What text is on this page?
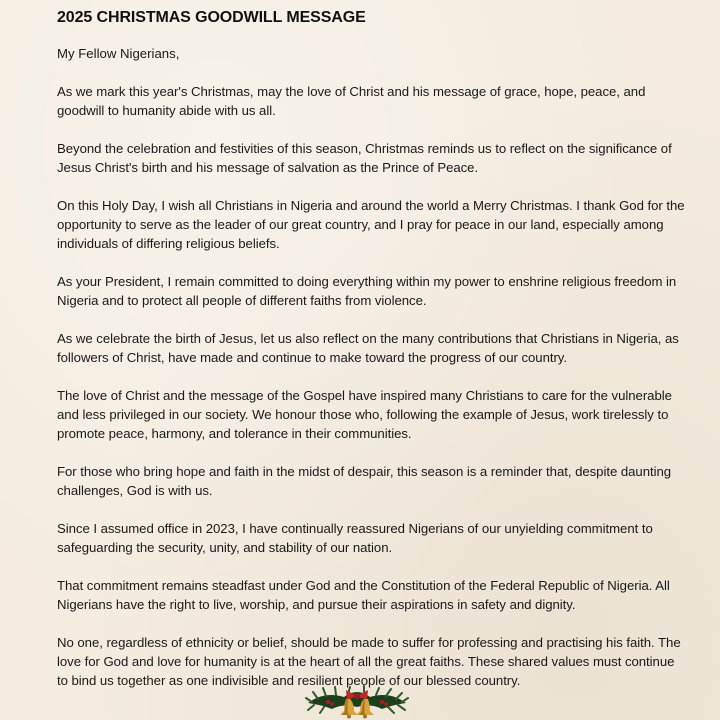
2025 CHRISTMAS GOODWILL MESSAGE

My Fellow Nigerians,

As we mark this year's Christmas, may the love of Christ and his message of grace, hope, peace, and goodwill to humanity abide with us all.

Beyond the celebration and festivities of this season, Christmas reminds us to reflect on the significance of Jesus Christ's birth and his message of salvation as the Prince of Peace.

On this Holy Day, I wish all Christians in Nigeria and around the world a Merry Christmas. I thank God for the opportunity to serve as the leader of our great country, and I pray for peace in our land, especially among individuals of differing religious beliefs.

As your President, I remain committed to doing everything within my power to enshrine religious freedom in Nigeria and to protect all people of different faiths from violence.

As we celebrate the birth of Jesus, let us also reflect on the many contributions that Christians in Nigeria, as followers of Christ, have made and continue to make toward the progress of our country.

The love of Christ and the message of the Gospel have inspired many Christians to care for the vulnerable and less privileged in our society. We honour those who, following the example of Jesus, work tirelessly to promote peace, harmony, and tolerance in their communities.

For those who bring hope and faith in the midst of despair, this season is a reminder that, despite daunting challenges, God is with us.

Since I assumed office in 2023, I have continually reassured Nigerians of our unyielding commitment to safeguarding the security, unity, and stability of our nation.

That commitment remains steadfast under God and the Constitution of the Federal Republic of Nigeria. All Nigerians have the right to live, worship, and pursue their aspirations in safety and dignity.

No one, regardless of ethnicity or belief, should be made to suffer for professing and practising his faith. The love for God and love for humanity is at the heart of all the great faiths. These shared values must continue to bind us together as one indivisible and resilient people of our blessed country.
